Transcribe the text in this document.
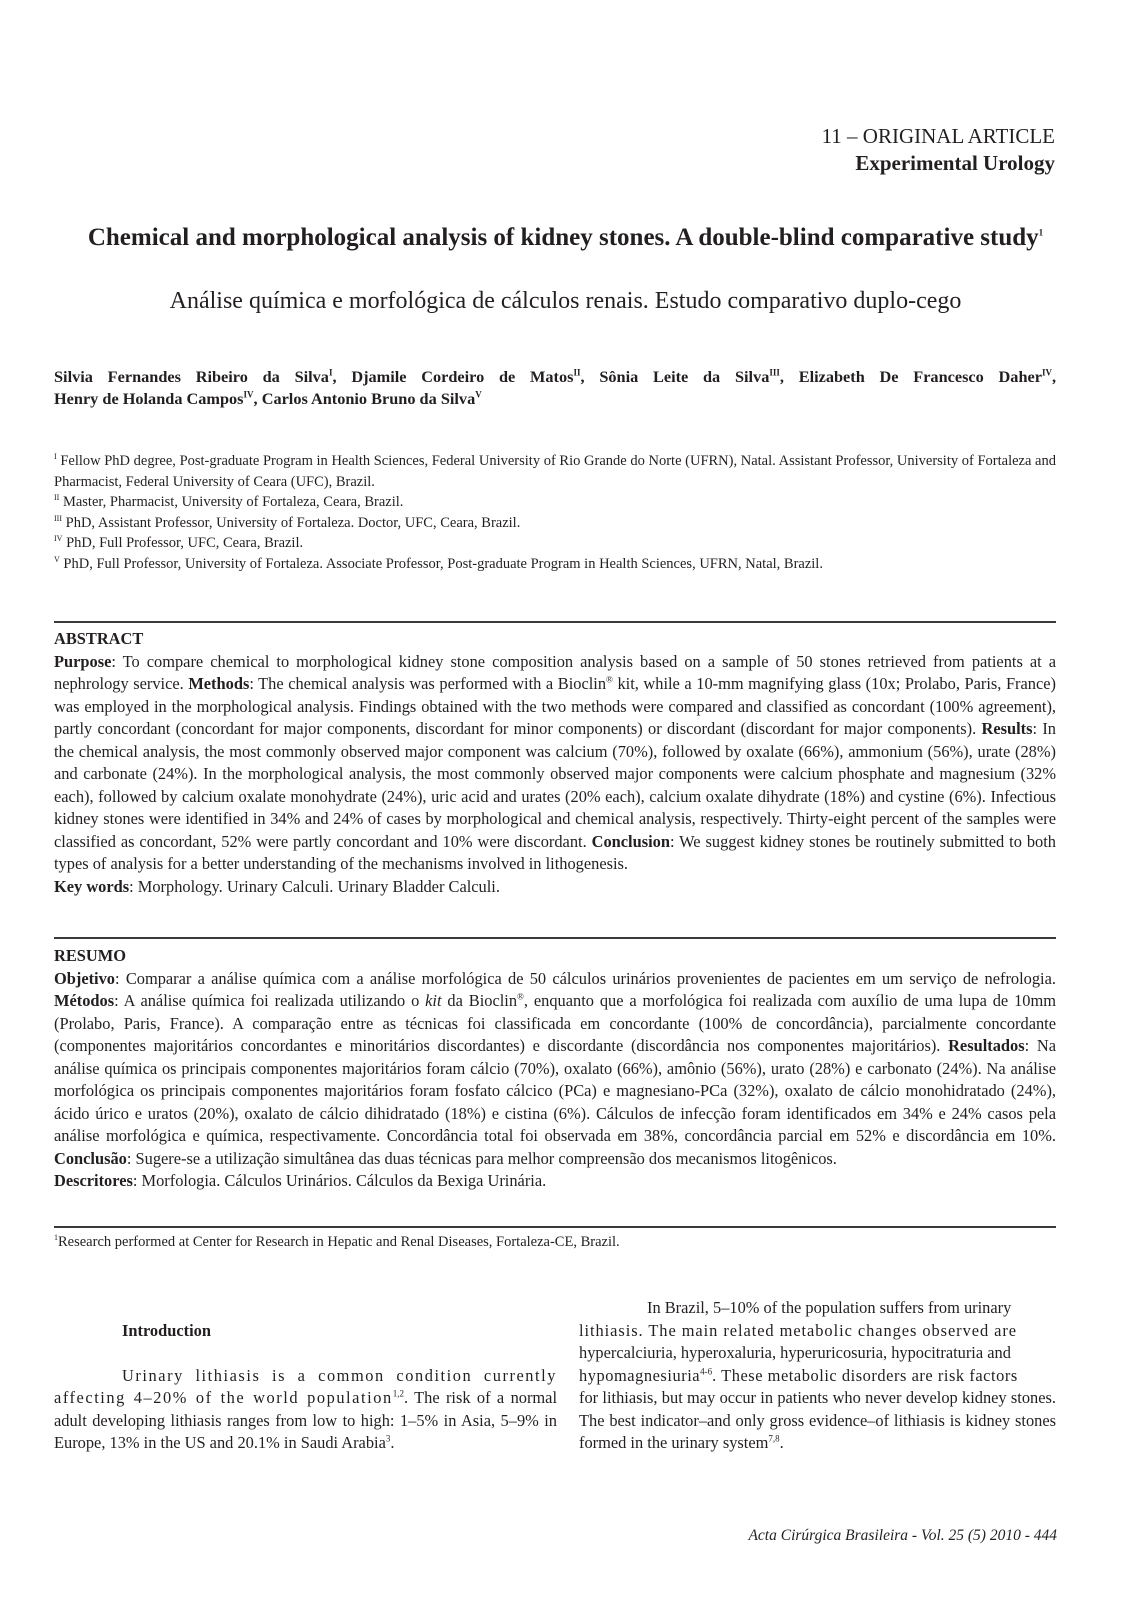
11 – ORIGINAL ARTICLE
Experimental Urology
Chemical and morphological analysis of kidney stones. A double-blind comparative study$^1$
Análise química e morfológica de cálculos renais. Estudo comparativo duplo-cego
Silvia Fernandes Ribeiro da Silva$^I$, Djamile Cordeiro de Matos$^{II}$, Sônia Leite da Silva$^{III}$, Elizabeth De Francesco Daher$^{IV}$,
Henry de Holanda Campos$^{IV}$, Carlos Antonio Bruno da Silva$^V$
$^I$ Fellow PhD degree, Post-graduate Program in Health Sciences, Federal University of Rio Grande do Norte (UFRN), Natal. Assistant Professor, University of Fortaleza and Pharmacist, Federal University of Ceara (UFC), Brazil.
$^{II}$ Master, Pharmacist, University of Fortaleza, Ceara, Brazil.
$^{III}$ PhD, Assistant Professor, University of Fortaleza. Doctor, UFC, Ceara, Brazil.
$^{IV}$ PhD, Full Professor, UFC, Ceara, Brazil.
$^V$ PhD, Full Professor, University of Fortaleza. Associate Professor, Post-graduate Program in Health Sciences, UFRN, Natal, Brazil.

ABSTRACT

Purpose: To compare chemical to morphological kidney stone composition analysis based on a sample of 50 stones retrieved from patients at a nephrology service. Methods: The chemical analysis was performed with a Bioclin® kit, while a 10-mm magnifying glass (10x; Prolabo, Paris, France) was employed in the morphological analysis. Findings obtained with the two methods were compared and classified as concordant (100% agreement), partly concordant (concordant for major components, discordant for minor components) or discordant (discordant for major components). Results: In the chemical analysis, the most commonly observed major component was calcium (70%), followed by oxalate (66%), ammonium (56%), urate (28%) and carbonate (24%). In the morphological analysis, the most commonly observed major components were calcium phosphate and magnesium (32% each), followed by calcium oxalate monohydrate (24%), uric acid and urates (20% each), calcium oxalate dihydrate (18%) and cystine (6%). Infectious kidney stones were identified in 34% and 24% of cases by morphological and chemical analysis, respectively. Thirty-eight percent of the samples were classified as concordant, 52% were partly concordant and 10% were discordant. Conclusion: We suggest kidney stones be routinely submitted to both types of analysis for a better understanding of the mechanisms involved in lithogenesis.

Key words: Morphology. Urinary Calculi. Urinary Bladder Calculi.

RESUMO

Objetivo: Comparar a análise química com a análise morfológica de 50 cálculos urinários provenientes de pacientes em um serviço de nefrologia. Métodos: A análise química foi realizada utilizando o kit da Bioclin®, enquanto que a morfológica foi realizada com auxílio de uma lupa de 10mm (Prolabo, Paris, France). A comparação entre as técnicas foi classificada em concordante (100% de concordância), parcialmente concordante (componentes majoritários concordantes e minoritários discordantes) e discordante (discordância nos componentes majoritários). Resultados: Na análise química os principais componentes majoritários foram cálcio (70%), oxalato (66%), amônio (56%), urato (28%) e carbonato (24%). Na análise morfológica os principais componentes majoritários foram fosfato cálcico (PCa) e magnesiano-PCa (32%), oxalato de cálcio monohidratado (24%), ácido úrico e uratos (20%), oxalato de cálcio dihidratado (18%) e cistina (6%). Cálculos de infecção foram identificados em 34% e 24% casos pela análise morfológica e química, respectivamente. Concordância total foi observada em 38%, concordância parcial em 52% e discordância em 10%. Conclusão: Sugere-se a utilização simultânea das duas técnicas para melhor compreensão dos mecanismos litogênicos.

Descritores: Morfologia. Cálculos Urinários. Cálculos da Bexiga Urinária.

$^1$Research performed at Center for Research in Hepatic and Renal Diseases, Fortaleza-CE, Brazil.

Introduction

Urinary lithiasis is a common condition currently affecting 4–20% of the world population$^{1,2}$. The risk of a normal adult developing lithiasis ranges from low to high: 1–5% in Asia, 5–9% in Europe, 13% in the US and 20.1% in Saudi Arabia$^3$.

In Brazil, 5–10% of the population suffers from urinary
lithiasis. The main related metabolic changes observed are
hypercalciuria, hyperoxaluria, hyperuricosuria, hypocitraturia and
hypomagnesiuria$^{4-6}$. These metabolic disorders are risk factors
for lithiasis, but may occur in patients who never develop kidney stones. The best indicator–and only gross evidence–of lithiasis is kidney stones formed in the urinary system$^{7,8}$.

Acta Cirúrgica Brasileira - Vol. 25 (5) 2010 - 444
